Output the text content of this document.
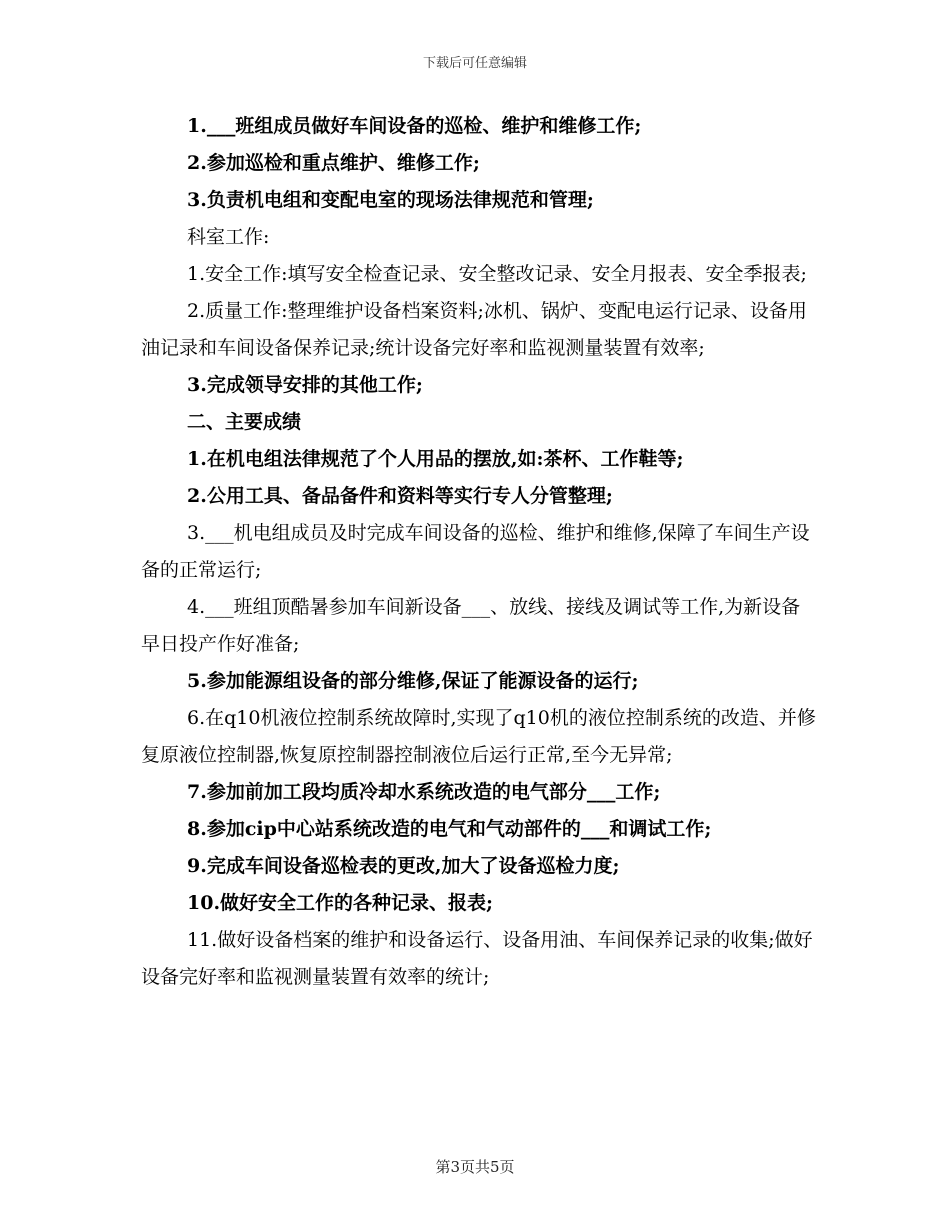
下载后可任意编辑

1.___班组成员做好车间设备的巡检、维护和维修工作;

2.参加巡检和重点维护、维修工作;

3.负责机电组和变配电室的现场法律规范和管理;

科室工作:

1.安全工作:填写安全检查记录、安全整改记录、安全月报表、安全季报表;

2.质量工作:整理维护设备档案资料;冰机、锅炉、变配电运行记录、设备用油记录和车间设备保养记录;统计设备完好率和监视测量装置有效率;

3.完成领导安排的其他工作;

二、主要成绩

1.在机电组法律规范了个人用品的摆放,如:茶杯、工作鞋等;

2.公用工具、备品备件和资料等实行专人分管整理;

3.___机电组成员及时完成车间设备的巡检、维护和维修,保障了车间生产设备的正常运行;

4.___班组顶酷暑参加车间新设备___、放线、接线及调试等工作,为新设备早日投产作好准备;

5.参加能源组设备的部分维修,保证了能源设备的运行;

6.在q10机液位控制系统故障时,实现了q10机的液位控制系统的改造、并修复原液位控制器,恢复原控制器控制液位后运行正常,至今无异常;

7.参加前加工段均质冷却水系统改造的电气部分___工作;

8.参加cip中心站系统改造的电气和气动部件的___和调试工作;

9.完成车间设备巡检表的更改,加大了设备巡检力度;

10.做好安全工作的各种记录、报表;

11.做好设备档案的维护和设备运行、设备用油、车间保养记录的收集;做好设备完好率和监视测量装置有效率的统计;

第3页共5页
